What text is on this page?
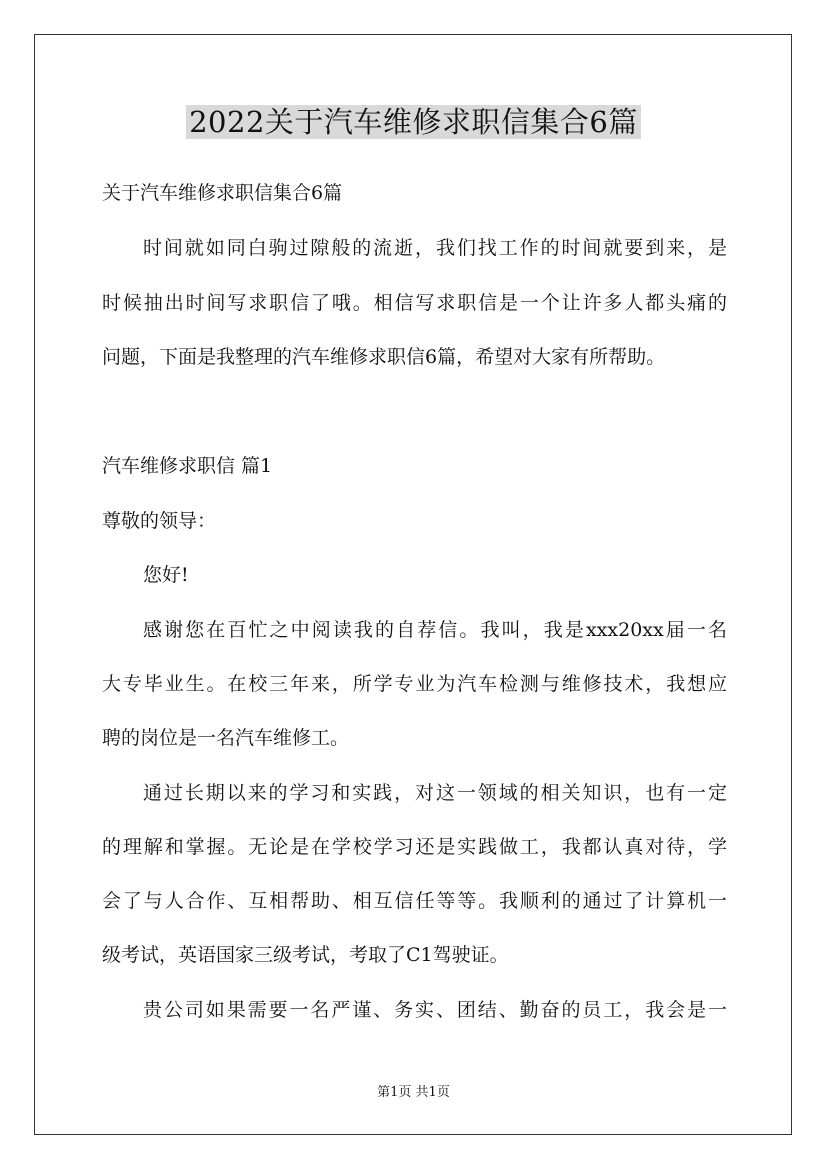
2022关于汽车维修求职信集合6篇
关于汽车维修求职信集合6篇
时间就如同白驹过隙般的流逝，我们找工作的时间就要到来，是
时候抽出时间写求职信了哦。相信写求职信是一个让许多人都头痛的
问题，下面是我整理的汽车维修求职信6篇，希望对大家有所帮助。
汽车维修求职信 篇1
尊敬的领导：
您好!
感谢您在百忙之中阅读我的自荐信。我叫，我是xxx20xx届一名
大专毕业生。在校三年来，所学专业为汽车检测与维修技术，我想应
聘的岗位是一名汽车维修工。
通过长期以来的学习和实践，对这一领域的相关知识，也有一定
的理解和掌握。无论是在学校学习还是实践做工，我都认真对待，学
会了与人合作、互相帮助、相互信任等等。我顺利的通过了计算机一
级考试，英语国家三级考试，考取了C1驾驶证。
贵公司如果需要一名严谨、务实、团结、勤奋的员工，我会是一
第1页 共1页
